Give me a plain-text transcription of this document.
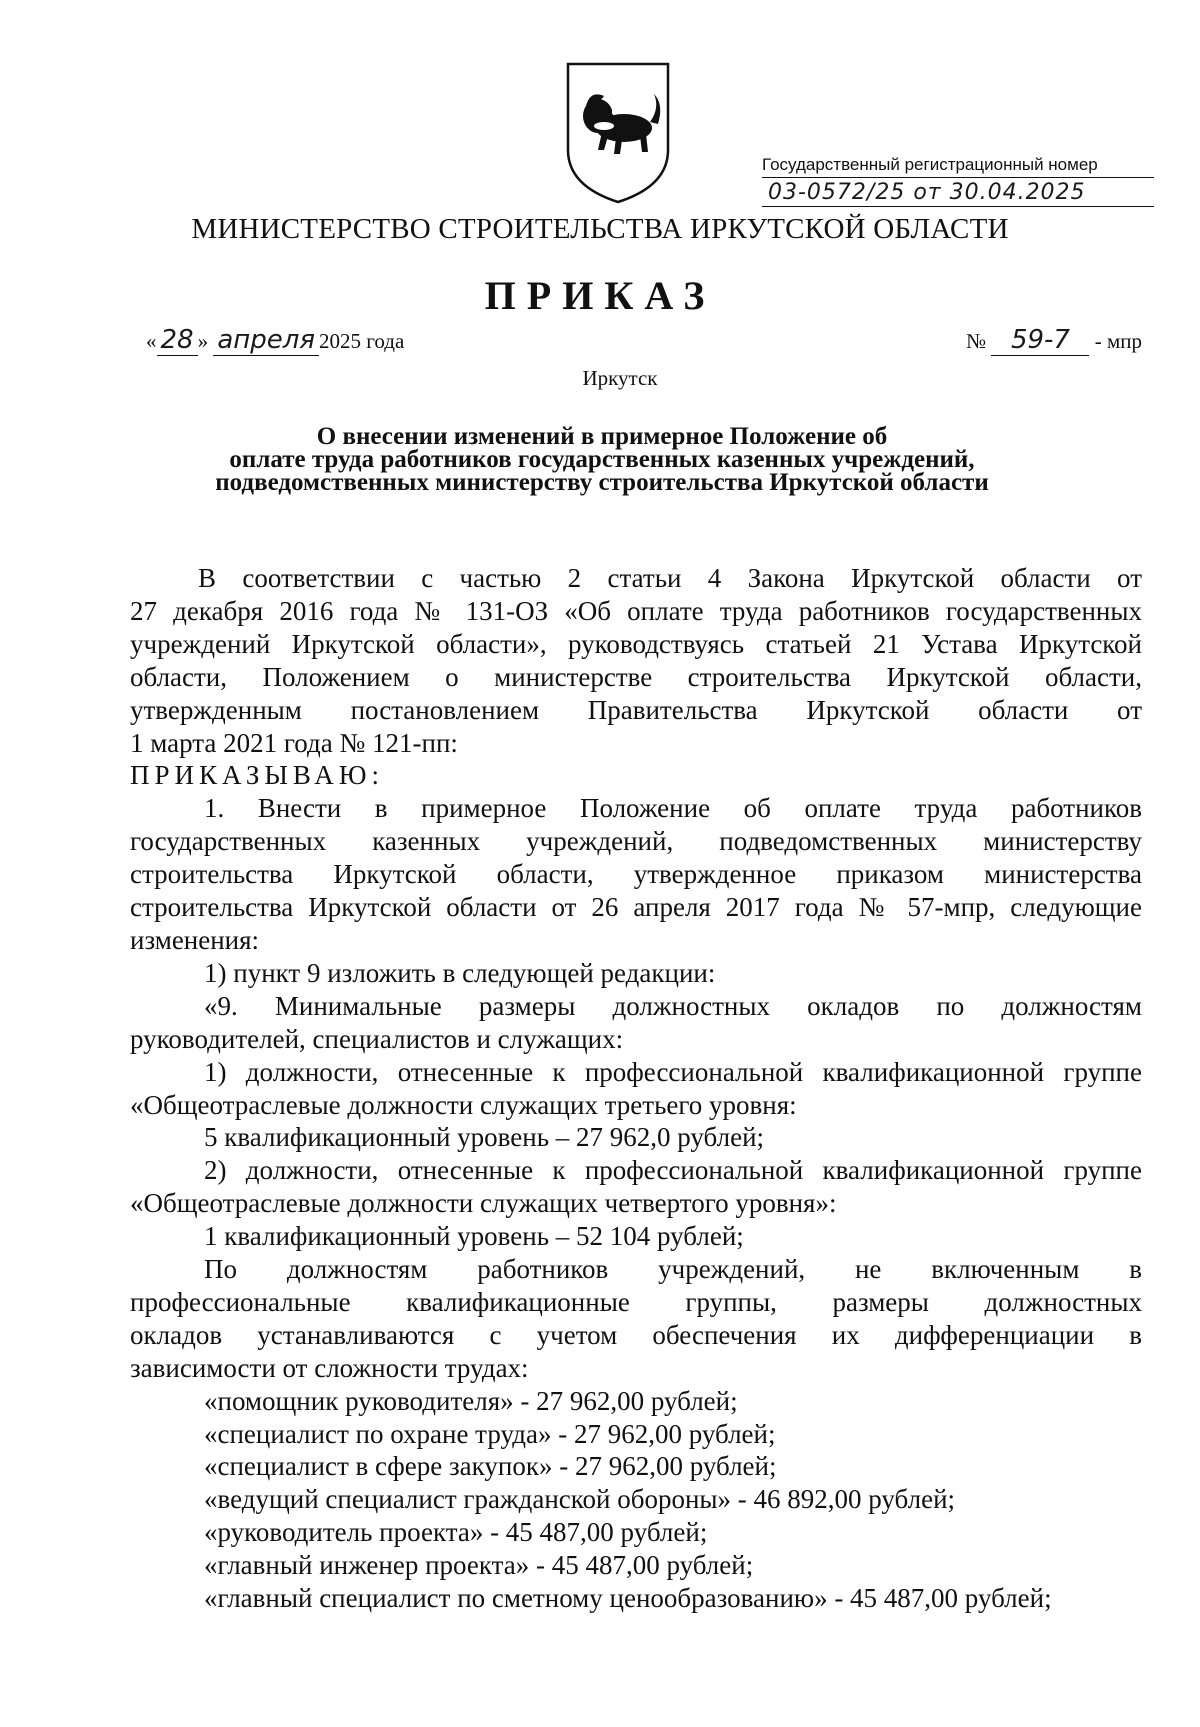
Государственный регистрационный номер
03-0572/25 от 30.04.2025
МИНИСТЕРСТВО СТРОИТЕЛЬСТВА ИРКУТСКОЙ ОБЛАСТИ
ПРИКАЗ
« 28 » апреля 2025 года	№ 59-7 - мпр
Иркутск
О внесении изменений в примерное Положение об
оплате труда работников государственных казенных учреждений,
подведомственных министерству строительства Иркутской области
В соответствии с частью 2 статьи 4 Закона Иркутской области от
27 декабря 2016 года № 131-ОЗ «Об оплате труда работников государственных
учреждений Иркутской области», руководствуясь статьей 21 Устава Иркутской
области, Положением о министерстве строительства Иркутской области,
утвержденным постановлением Правительства Иркутской области от
1 марта 2021 года № 121-пп:
ПРИКАЗЫВАЮ:
1. Внести в примерное Положение об оплате труда работников
государственных казенных учреждений, подведомственных министерству
строительства Иркутской области, утвержденное приказом министерства
строительства Иркутской области от 26 апреля 2017 года № 57-мпр, следующие
изменения:
1) пункт 9 изложить в следующей редакции:
«9. Минимальные размеры должностных окладов по должностям
руководителей, специалистов и служащих:
1) должности, отнесенные к профессиональной квалификационной группе
«Общеотраслевые должности служащих третьего уровня:
5 квалификационный уровень – 27 962,0 рублей;
2) должности, отнесенные к профессиональной квалификационной группе
«Общеотраслевые должности служащих четвертого уровня»:
1 квалификационный уровень – 52 104 рублей;
По должностям работников учреждений, не включенным в
профессиональные квалификационные группы, размеры должностных
окладов устанавливаются с учетом обеспечения их дифференциации в
зависимости от сложности трудах:
«помощник руководителя» - 27 962,00 рублей;
«специалист по охране труда» - 27 962,00 рублей;
«специалист в сфере закупок» - 27 962,00 рублей;
«ведущий специалист гражданской обороны» - 46 892,00 рублей;
«руководитель проекта» - 45 487,00 рублей;
«главный инженер проекта» - 45 487,00 рублей;
«главный специалист по сметному ценообразованию» - 45 487,00 рублей;
